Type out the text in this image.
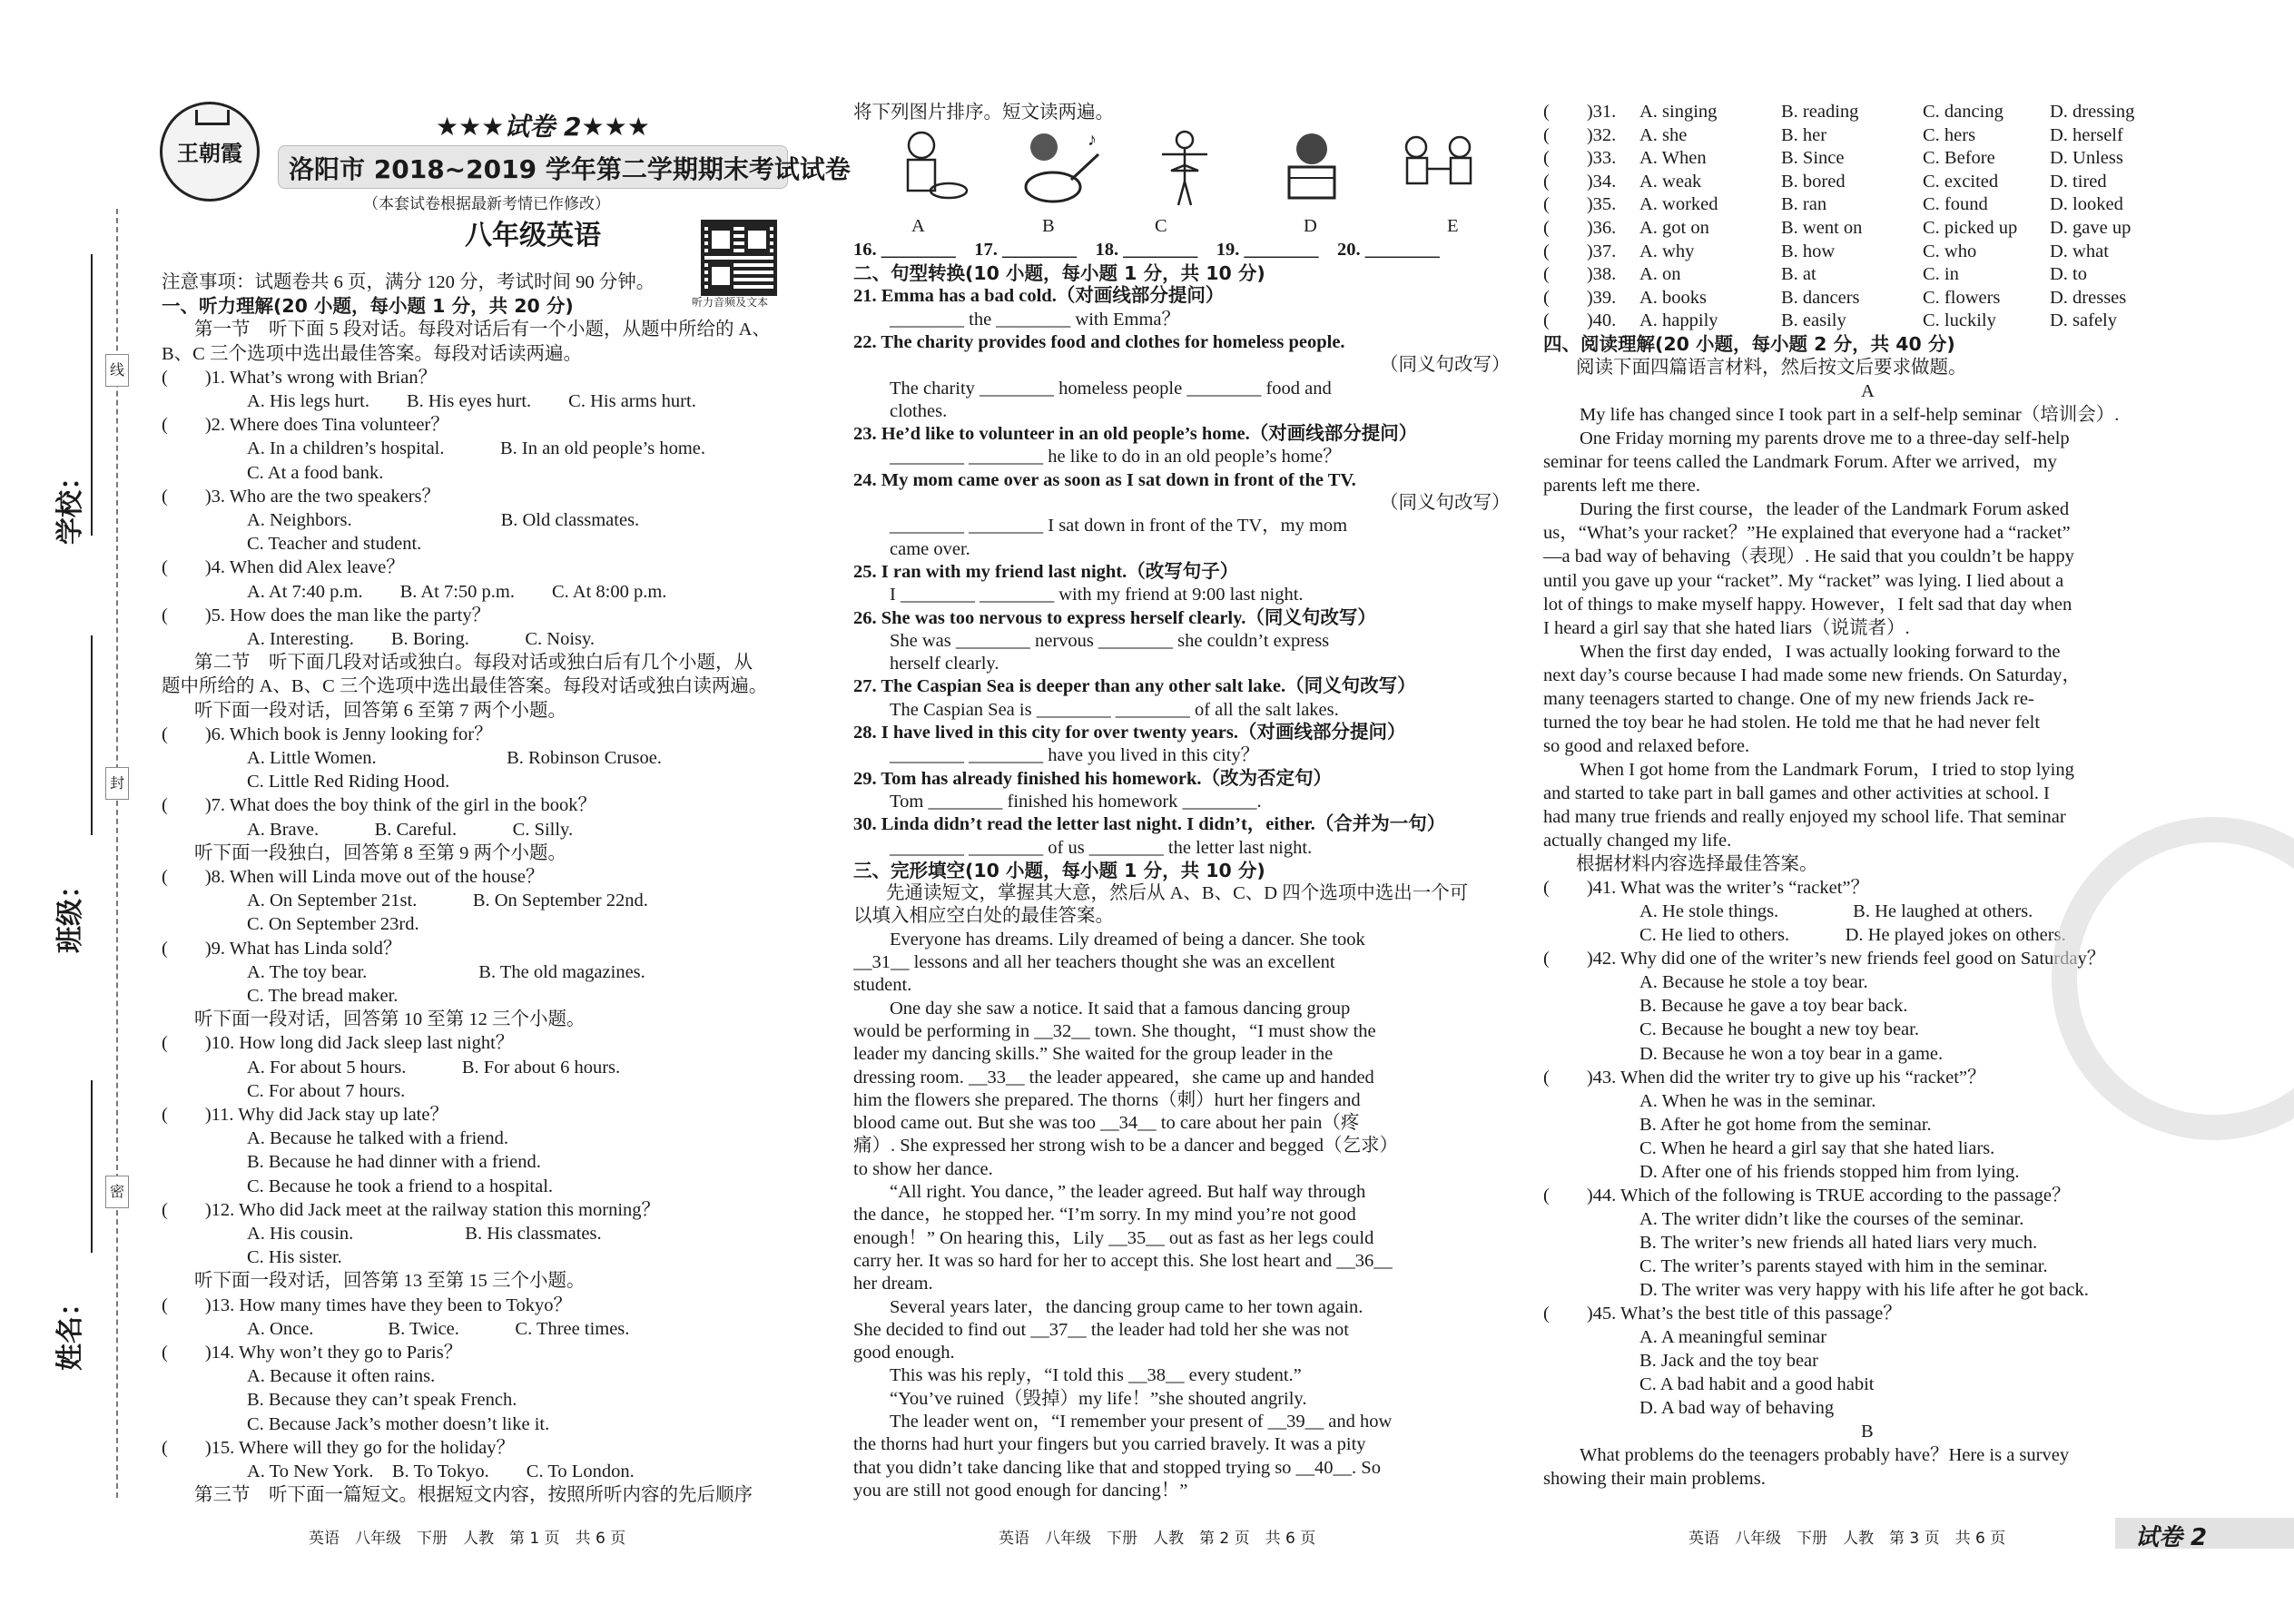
学校：
班级：
姓名：
线
封
密
王朝霞
★★★试卷 2★★★
洛阳市 2018~2019 学年第二学期期末考试试卷
（本套试卷根据最新考情已作修改）
八年级英语
听力音频及文本
注意事项：试题卷共 6 页，满分 120 分，考试时间 90 分钟。
一、听力理解(20 小题，每小题 1 分，共 20 分)
第一节　听下面 5 段对话。每段对话后有一个小题，从题中所给的 A、
B、C 三个选项中选出最佳答案。每段对话读两遍。
(　　)1. What’s wrong with Brian？
A. His legs hurt.　　B. His eyes hurt.　　C. His arms hurt.
(　　)2. Where does Tina volunteer？
A. In a children’s hospital.　　　B. In an old people’s home.
C. At a food bank.
(　　)3. Who are the two speakers？
A. Neighbors.　　　　　　　　B. Old classmates.
C. Teacher and student.
(　　)4. When did Alex leave？
A. At 7:40 p.m.　　B. At 7:50 p.m.　　C. At 8:00 p.m.
(　　)5. How does the man like the party？
A. Interesting.　　B. Boring.　　　C. Noisy.
第二节　听下面几段对话或独白。每段对话或独白后有几个小题，从
题中所给的 A、B、C 三个选项中选出最佳答案。每段对话或独白读两遍。
听下面一段对话，回答第 6 至第 7 两个小题。
(　　)6. Which book is Jenny looking for？
A. Little Women.　　　　　　　B. Robinson Crusoe.
C. Little Red Riding Hood.
(　　)7. What does the boy think of the girl in the book？
A. Brave.　　　B. Careful.　　　C. Silly.
听下面一段独白，回答第 8 至第 9 两个小题。
(　　)8. When will Linda move out of the house？
A. On September 21st.　　　B. On September 22nd.
C. On September 23rd.
(　　)9. What has Linda sold？
A. The toy bear.　　　　　　B. The old magazines.
C. The bread maker.
听下面一段对话，回答第 10 至第 12 三个小题。
(　　)10. How long did Jack sleep last night？
A. For about 5 hours.　　　B. For about 6 hours.
C. For about 7 hours.
(　　)11. Why did Jack stay up late？
A. Because he talked with a friend.
B. Because he had dinner with a friend.
C. Because he took a friend to a hospital.
(　　)12. Who did Jack meet at the railway station this morning？
A. His cousin.　　　　　　B. His classmates.
C. His sister.
听下面一段对话，回答第 13 至第 15 三个小题。
(　　)13. How many times have they been to Tokyo？
A. Once.　　　　B. Twice.　　　C. Three times.
(　　)14. Why won’t they go to Paris？
A. Because it often rains.
B. Because they can’t speak French.
C. Because Jack’s mother doesn’t like it.
(　　)15. Where will they go for the holiday？
A. To New York.　B. To Tokyo.　　C. To London.
第三节　听下面一篇短文。根据短文内容，按照所听内容的先后顺序
将下列图片排序。短文读两遍。
♪
A	B	C	D	E
16. ________　17. ________　18. ________　19. ________　20. ________
二、句型转换(10 小题，每小题 1 分，共 10 分)
21. Emma has a bad cold.（对画线部分提问）
________ the ________ with Emma？
22. The charity provides food and clothes for homeless people.
（同义句改写）
The charity ________ homeless people ________ food and
clothes.
23. He’d like to volunteer in an old people’s home.（对画线部分提问）
________ ________ he like to do in an old people’s home？
24. My mom came over as soon as I sat down in front of the TV.
（同义句改写）
________ ________ I sat down in front of the TV，my mom
came over.
25. I ran with my friend last night.（改写句子）
I ________ ________ with my friend at 9:00 last night.
26. She was too nervous to express herself clearly.（同义句改写）
She was ________ nervous ________ she couldn’t express
herself clearly.
27. The Caspian Sea is deeper than any other salt lake.（同义句改写）
The Caspian Sea is ________ ________ of all the salt lakes.
28. I have lived in this city for over twenty years.（对画线部分提问）
________ ________ have you lived in this city？
29. Tom has already finished his homework.（改为否定句）
Tom ________ finished his homework ________.
30. Linda didn’t read the letter last night. I didn’t，either.（合并为一句）
________ ________ of us ________ the letter last night.
三、完形填空(10 小题，每小题 1 分，共 10 分)
先通读短文，掌握其大意，然后从 A、B、C、D 四个选项中选出一个可
以填入相应空白处的最佳答案。
Everyone has dreams. Lily dreamed of being a dancer. She took
__31__ lessons and all her teachers thought she was an excellent
student.
One day she saw a notice. It said that a famous dancing group
would be performing in __32__ town. She thought，“I must show the
leader my dancing skills.” She waited for the group leader in the
dressing room. __33__ the leader appeared，she came up and handed
him the flowers she prepared. The thorns（刺）hurt her fingers and
blood came out. But she was too __34__ to care about her pain（疼
痛）. She expressed her strong wish to be a dancer and begged（乞求）
to show her dance.
“All right. You dance，” the leader agreed. But half way through
the dance，he stopped her. “I’m sorry. In my mind you’re not good
enough！” On hearing this，Lily __35__ out as fast as her legs could
carry her. It was so hard for her to accept this. She lost heart and __36__
her dream.
Several years later，the dancing group came to her town again.
She decided to find out __37__ the leader had told her she was not
good enough.
This was his reply，“I told this __38__ every student.”
“You’ve ruined（毁掉）my life！”she shouted angrily.
The leader went on，“I remember your present of __39__ and how
the thorns had hurt your fingers but you carried bravely. It was a pity
that you didn’t take dancing like that and stopped trying so __40__. So
you are still not good enough for dancing！”
(　　)31. A. singing	B. reading	C. dancing D. dressing
(　　)32. A. she	B. her	C. hers	D. herself
(　　)33. A. When	B. Since	C. Before	D. Unless
(　　)34. A. weak	B. bored	C. excited	D. tired
(　　)35. A. worked	B. ran	C. found	D. looked
(　　)36. A. got on	B. went on	C. picked up D. gave up
(　　)37. A. why	B. how	C. who	D. what
(　　)38. A. on	B. at	C. in	D. to
(　　)39. A. books	B. dancers	C. flowers	D. dresses
(　　)40. A. happily	B. easily	C. luckily	D. safely
四、阅读理解(20 小题，每小题 2 分，共 40 分)
阅读下面四篇语言材料，然后按文后要求做题。
A
My life has changed since I took part in a self-help seminar（培训会）.
One Friday morning my parents drove me to a three-day self-help
seminar for teens called the Landmark Forum. After we arrived，my
parents left me there.
During the first course，the leader of the Landmark Forum asked
us，“What’s your racket？”He explained that everyone had a “racket”
—a bad way of behaving（表现）. He said that you couldn’t be happy
until you gave up your “racket”. My “racket” was lying. I lied about a
lot of things to make myself happy. However，I felt sad that day when
I heard a girl say that she hated liars（说谎者）.
When the first day ended，I was actually looking forward to the
next day’s course because I had made some new friends. On Saturday，
many teenagers started to change. One of my new friends Jack re-
turned the toy bear he had stolen. He told me that he had never felt
so good and relaxed before.
When I got home from the Landmark Forum，I tried to stop lying
and started to take part in ball games and other activities at school. I
had many true friends and really enjoyed my school life. That seminar
actually changed my life.
根据材料内容选择最佳答案。
(　　)41. What was the writer’s “racket”？
A. He stole things.　　　　B. He laughed at others.
C. He lied to others.　　　D. He played jokes on others.
(　　)42. Why did one of the writer’s new friends feel good on Saturday？
A. Because he stole a toy bear.
B. Because he gave a toy bear back.
C. Because he bought a new toy bear.
D. Because he won a toy bear in a game.
(　　)43. When did the writer try to give up his “racket”？
A. When he was in the seminar.
B. After he got home from the seminar.
C. When he heard a girl say that she hated liars.
D. After one of his friends stopped him from lying.
(　　)44. Which of the following is TRUE according to the passage？
A. The writer didn’t like the courses of the seminar.
B. The writer’s new friends all hated liars very much.
C. The writer’s parents stayed with him in the seminar.
D. The writer was very happy with his life after he got back.
(　　)45. What’s the best title of this passage？
A. A meaningful seminar
B. Jack and the toy bear
C. A bad habit and a good habit
D. A bad way of behaving
B
What problems do the teenagers probably have？Here is a survey
showing their main problems.
英语　八年级　下册　人教　第 1 页　共 6 页	英语　八年级　下册　人教　第 2 页　共 6 页	英语　八年级　下册　人教　第 3 页　共 6 页	试卷 2
